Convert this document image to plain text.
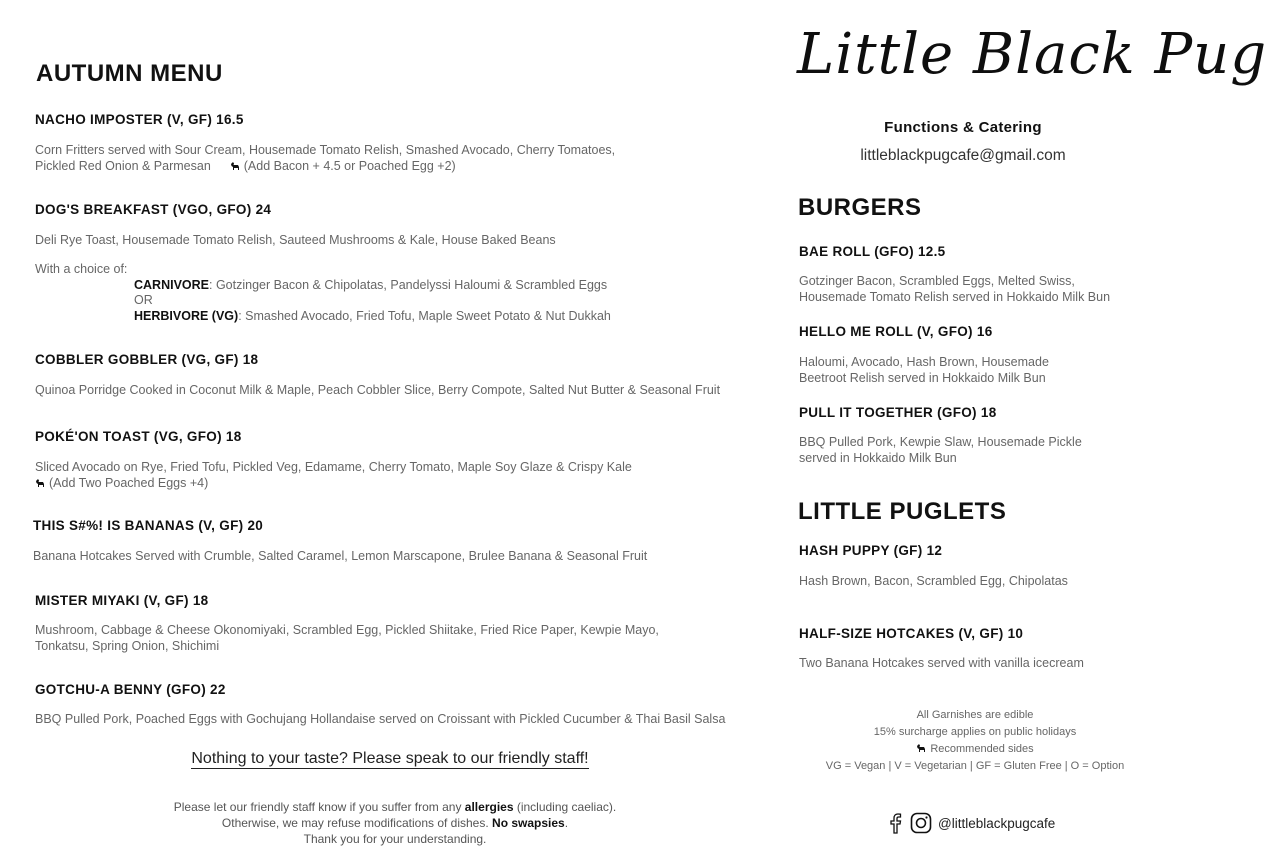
AUTUMN MENU
NACHO IMPOSTER (V, GF) 16.5
Corn Fritters served with Sour Cream, Housemade Tomato Relish, Smashed Avocado, Cherry Tomatoes,
Pickled Red Onion & Parmesan	(Add Bacon + 4.5 or Poached Egg +2)
DOG'S BREAKFAST (VGO, GFO) 24
Deli Rye Toast, Housemade Tomato Relish, Sauteed Mushrooms & Kale, House Baked Beans
With a choice of:
CARNIVORE: Gotzinger Bacon & Chipolatas, Pandelyssi Haloumi & Scrambled Eggs
OR
HERBIVORE (VG): Smashed Avocado, Fried Tofu, Maple Sweet Potato & Nut Dukkah
COBBLER GOBBLER (VG, GF) 18
Quinoa Porridge Cooked in Coconut Milk & Maple, Peach Cobbler Slice, Berry Compote, Salted Nut Butter & Seasonal Fruit
POKÉ'ON TOAST (VG, GFO) 18
Sliced Avocado on Rye, Fried Tofu, Pickled Veg, Edamame, Cherry Tomato, Maple Soy Glaze & Crispy Kale
(Add Two Poached Eggs +4)
THIS S#%! IS BANANAS (V, GF) 20
Banana Hotcakes Served with Crumble, Salted Caramel, Lemon Marscapone, Brulee Banana & Seasonal Fruit
MISTER MIYAKI (V, GF) 18
Mushroom, Cabbage & Cheese Okonomiyaki, Scrambled Egg, Pickled Shiitake, Fried Rice Paper, Kewpie Mayo,
Tonkatsu, Spring Onion, Shichimi
GOTCHU-A BENNY (GFO) 22
BBQ Pulled Pork, Poached Eggs with Gochujang Hollandaise served on Croissant with Pickled Cucumber & Thai Basil Salsa
Nothing to your taste? Please speak to our friendly staff!
Please let our friendly staff know if you suffer from any allergies (including caeliac).
Otherwise, we may refuse modifications of dishes. No swapsies.
Thank you for your understanding.
Little Black Pug
Functions & Catering
littleblackpugcafe@gmail.com
BURGERS
BAE ROLL (GFO) 12.5
Gotzinger Bacon, Scrambled Eggs, Melted Swiss,
Housemade Tomato Relish served in Hokkaido Milk Bun
HELLO ME ROLL (V, GFO) 16
Haloumi, Avocado, Hash Brown, Housemade
Beetroot Relish served in Hokkaido Milk Bun
PULL IT TOGETHER (GFO) 18
BBQ Pulled Pork, Kewpie Slaw, Housemade Pickle
served in Hokkaido Milk Bun
LITTLE PUGLETS
HASH PUPPY (GF) 12
Hash Brown, Bacon, Scrambled Egg, Chipolatas
HALF-SIZE HOTCAKES (V, GF) 10
Two Banana Hotcakes served with vanilla icecream
All Garnishes are edible
15% surcharge applies on public holidays
Recommended sides
VG = Vegan | V = Vegetarian | GF = Gluten Free | O = Option
@littleblackpugcafe
